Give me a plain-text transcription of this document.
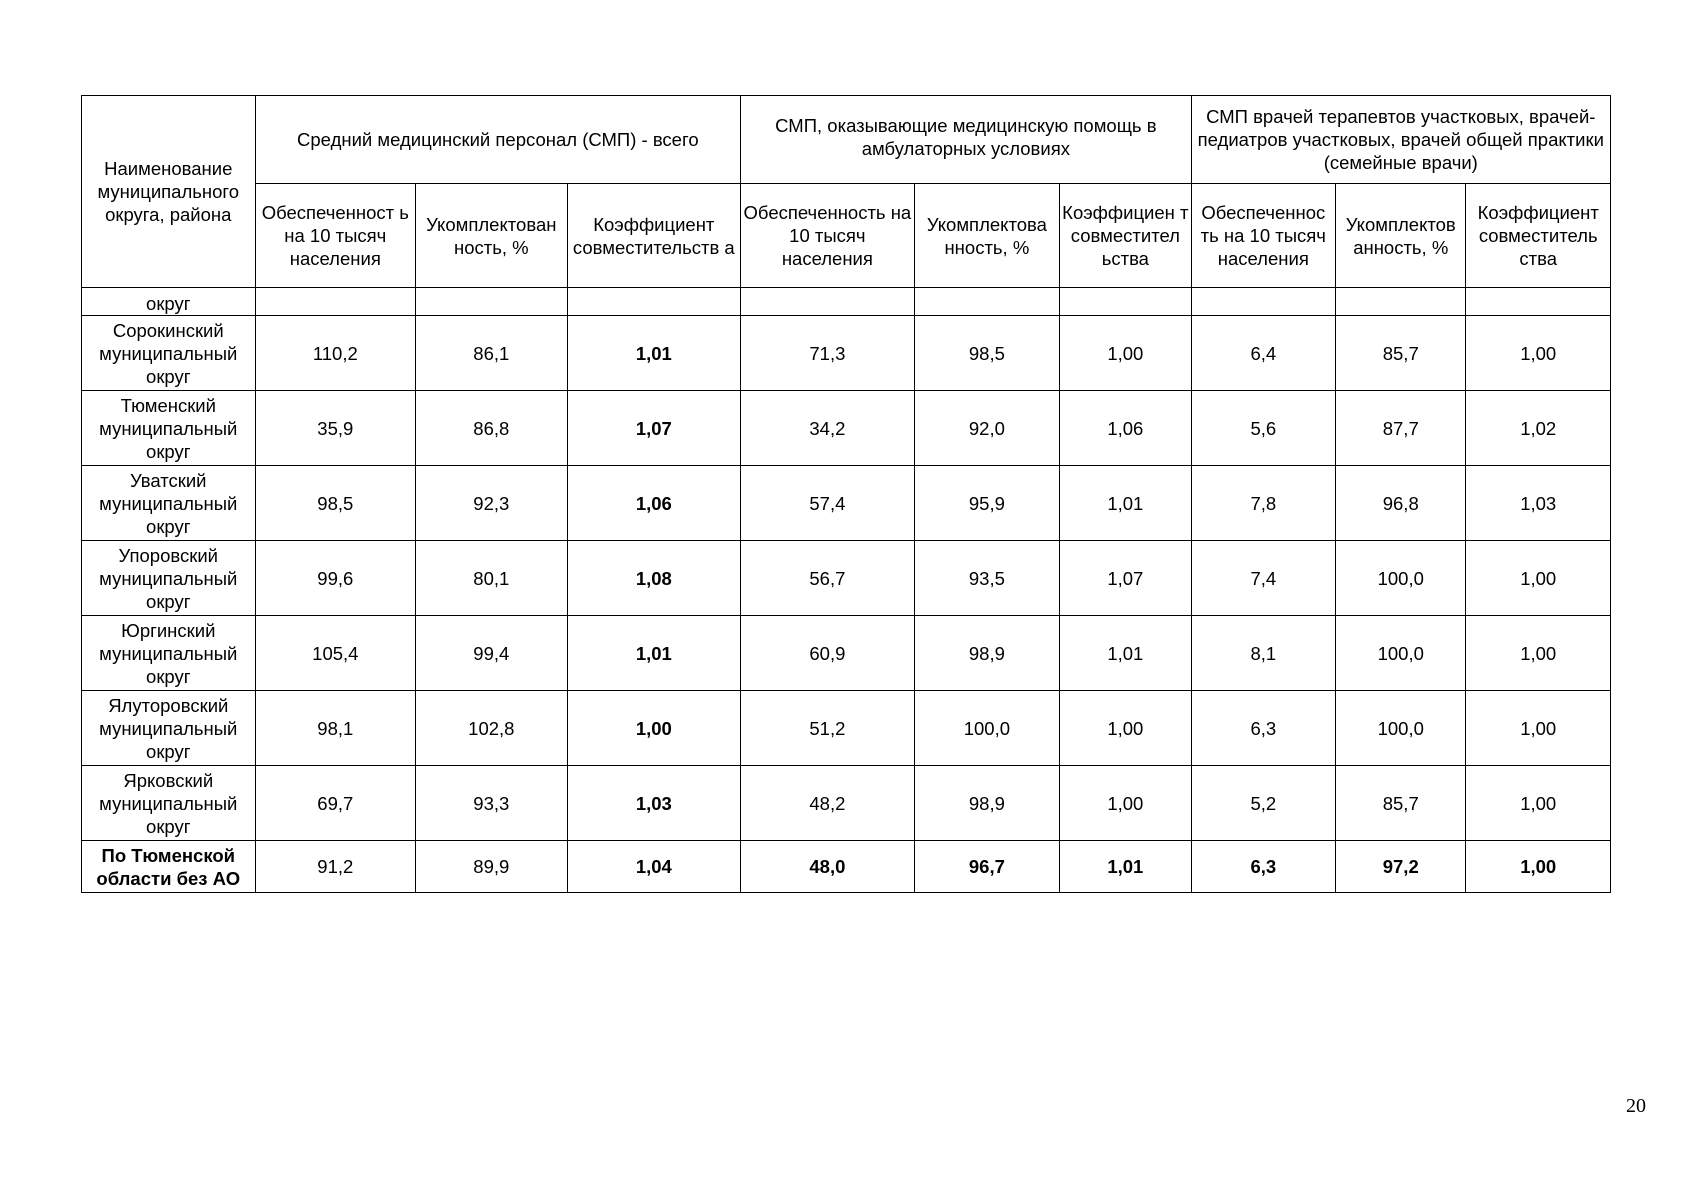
Наименование муниципального округа, района	Средний медицинский персонал (СМП) - всего			СМП, оказывающие медицинскую помощь в амбулаторных условиях			СМП врачей терапевтов участковых, врачей-педиатров участковых, врачей общей практики (семейные врачи)		
	Обеспеченност ь на 10 тысяч населения	Укомплектован ность, %	Коэффициент совместительств а	Обеспеченность на 10 тысяч населения	Укомплектова нность, %	Коэффициен т совместител ьства	Обеспеченнос ть на 10 тысяч населения	Укомплектов анность, %	Коэффициент совместитель ства
округ									
Сорокинский муниципальный округ	110,2	86,1	1,01	71,3	98,5	1,00	6,4	85,7	1,00
Тюменский муниципальный округ	35,9	86,8	1,07	34,2	92,0	1,06	5,6	87,7	1,02
Уватский муниципальный округ	98,5	92,3	1,06	57,4	95,9	1,01	7,8	96,8	1,03
Упоровский муниципальный округ	99,6	80,1	1,08	56,7	93,5	1,07	7,4	100,0	1,00
Юргинский муниципальный округ	105,4	99,4	1,01	60,9	98,9	1,01	8,1	100,0	1,00
Ялуторовский муниципальный округ	98,1	102,8	1,00	51,2	100,0	1,00	6,3	100,0	1,00
Ярковский муниципальный округ	69,7	93,3	1,03	48,2	98,9	1,00	5,2	85,7	1,00
По Тюменской области без АО	91,2	89,9	1,04	48,0	96,7	1,01	6,3	97,2	1,00
20
